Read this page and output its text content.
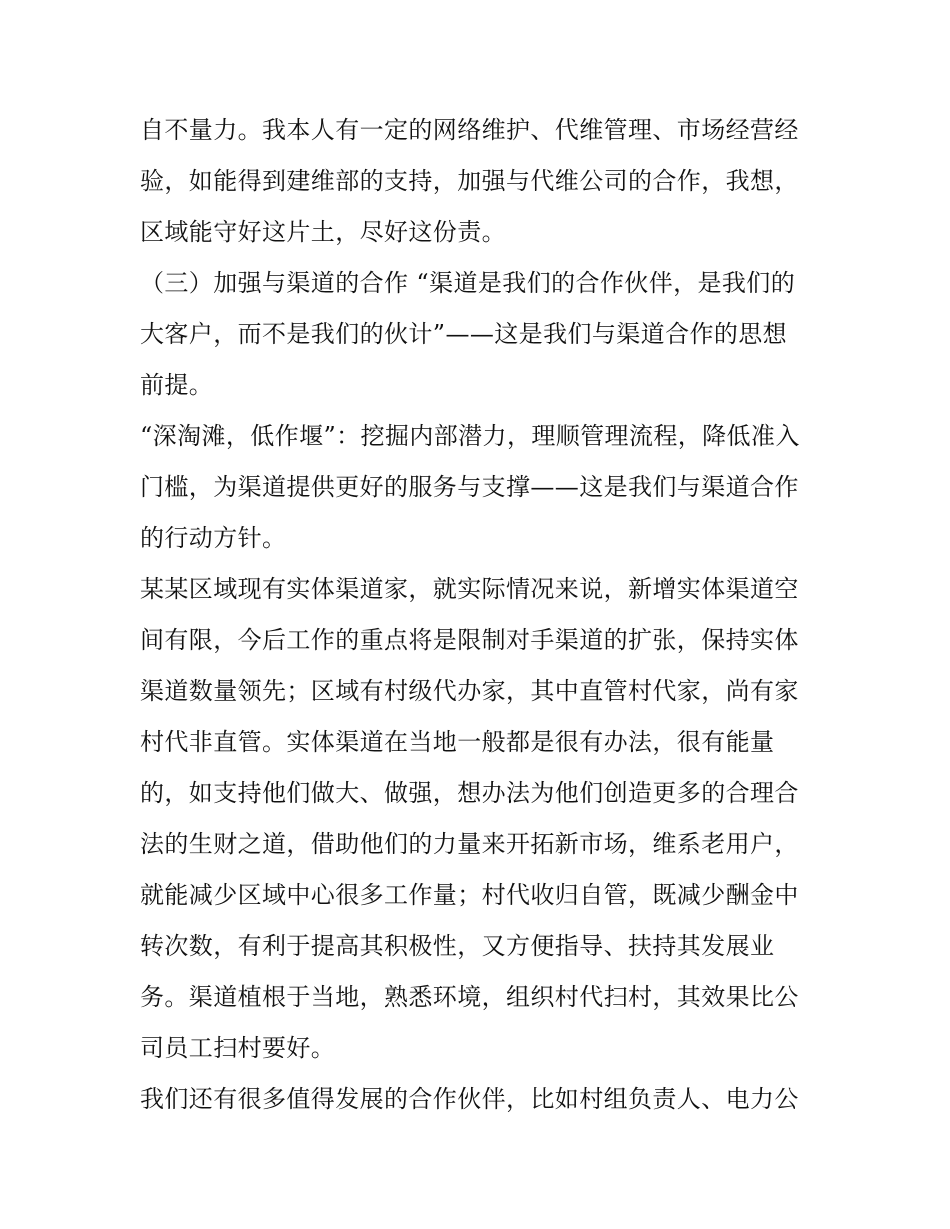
自不量力。我本人有一定的网络维护、代维管理、市场经营经
验，如能得到建维部的支持，加强与代维公司的合作，我想，
区域能守好这片土，尽好这份责。
（三）加强与渠道的合作 “渠道是我们的合作伙伴，是我们的
大客户，而不是我们的伙计”——这是我们与渠道合作的思想
前提。
“深淘滩，低作堰”：挖掘内部潜力，理顺管理流程，降低准入
门槛，为渠道提供更好的服务与支撑——这是我们与渠道合作
的行动方针。
某某区域现有实体渠道家，就实际情况来说，新增实体渠道空
间有限，今后工作的重点将是限制对手渠道的扩张，保持实体
渠道数量领先；区域有村级代办家，其中直管村代家，尚有家
村代非直管。实体渠道在当地一般都是很有办法，很有能量
的，如支持他们做大、做强，想办法为他们创造更多的合理合
法的生财之道，借助他们的力量来开拓新市场，维系老用户，
就能减少区域中心很多工作量；村代收归自管，既减少酬金中
转次数，有利于提高其积极性，又方便指导、扶持其发展业
务。渠道植根于当地，熟悉环境，组织村代扫村，其效果比公
司员工扫村要好。
我们还有很多值得发展的合作伙伴，比如村组负责人、电力公
